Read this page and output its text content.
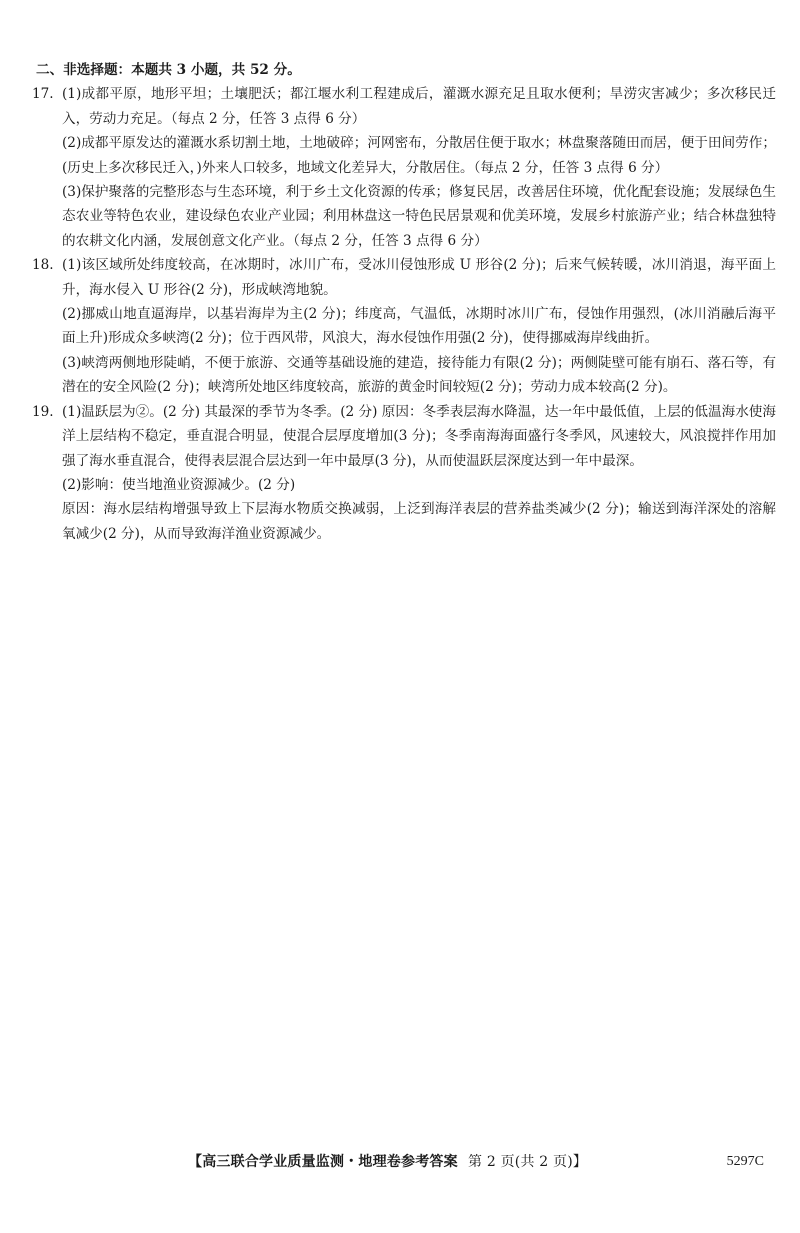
二、非选择题：本题共 3 小题，共 52 分。

17. (1)成都平原，地形平坦；土壤肥沃；都江堰水利工程建成后，灌溉水源充足且取水便利；旱涝灾害减少；多次移民迁入，劳动力充足。（每点 2 分，任答 3 点得 6 分）

(2)成都平原发达的灌溉水系切割土地，土地破碎；河网密布，分散居住便于取水；林盘聚落随田而居，便于田间劳作；(历史上多次移民迁入，)外来人口较多，地域文化差异大，分散居住。（每点 2 分，任答 3 点得 6 分）

(3)保护聚落的完整形态与生态环境，利于乡土文化资源的传承；修复民居，改善居住环境，优化配套设施；发展绿色生态农业等特色农业，建设绿色农业产业园；利用林盘这一特色民居景观和优美环境，发展乡村旅游产业；结合林盘独特的农耕文化内涵，发展创意文化产业。（每点 2 分，任答 3 点得 6 分）

18. (1)该区域所处纬度较高，在冰期时，冰川广布，受冰川侵蚀形成 U 形谷(2 分)；后来气候转暖，冰川消退，海平面上升，海水侵入 U 形谷(2 分)，形成峡湾地貌。

(2)挪威山地直逼海岸，以基岩海岸为主(2 分)；纬度高，气温低，冰期时冰川广布，侵蚀作用强烈，(冰川消融后海平面上升)形成众多峡湾(2 分)；位于西风带，风浪大，海水侵蚀作用强(2 分)，使得挪威海岸线曲折。

(3)峡湾两侧地形陡峭，不便于旅游、交通等基础设施的建造，接待能力有限(2 分)；两侧陡壁可能有崩石、落石等，有潜在的安全风险(2 分)；峡湾所处地区纬度较高，旅游的黄金时间较短(2 分)；劳动力成本较高(2 分)。

19. (1)温跃层为②。(2 分) 其最深的季节为冬季。(2 分) 原因：冬季表层海水降温，达一年中最低值，上层的低温海水使海洋上层结构不稳定，垂直混合明显，使混合层厚度增加(3 分)；冬季南海海面盛行冬季风，风速较大，风浪搅拌作用加强了海水垂直混合，使得表层混合层达到一年中最厚(3 分)，从而使温跃层深度达到一年中最深。

(2)影响：使当地渔业资源减少。(2 分)

原因：海水层结构增强导致上下层海水物质交换减弱，上泛到海洋表层的营养盐类减少(2 分)；输送到海洋深处的溶解氧减少(2 分)，从而导致海洋渔业资源减少。

【高三联合学业质量监测・地理卷参考答案 第 2 页(共 2 页)】	5297C
